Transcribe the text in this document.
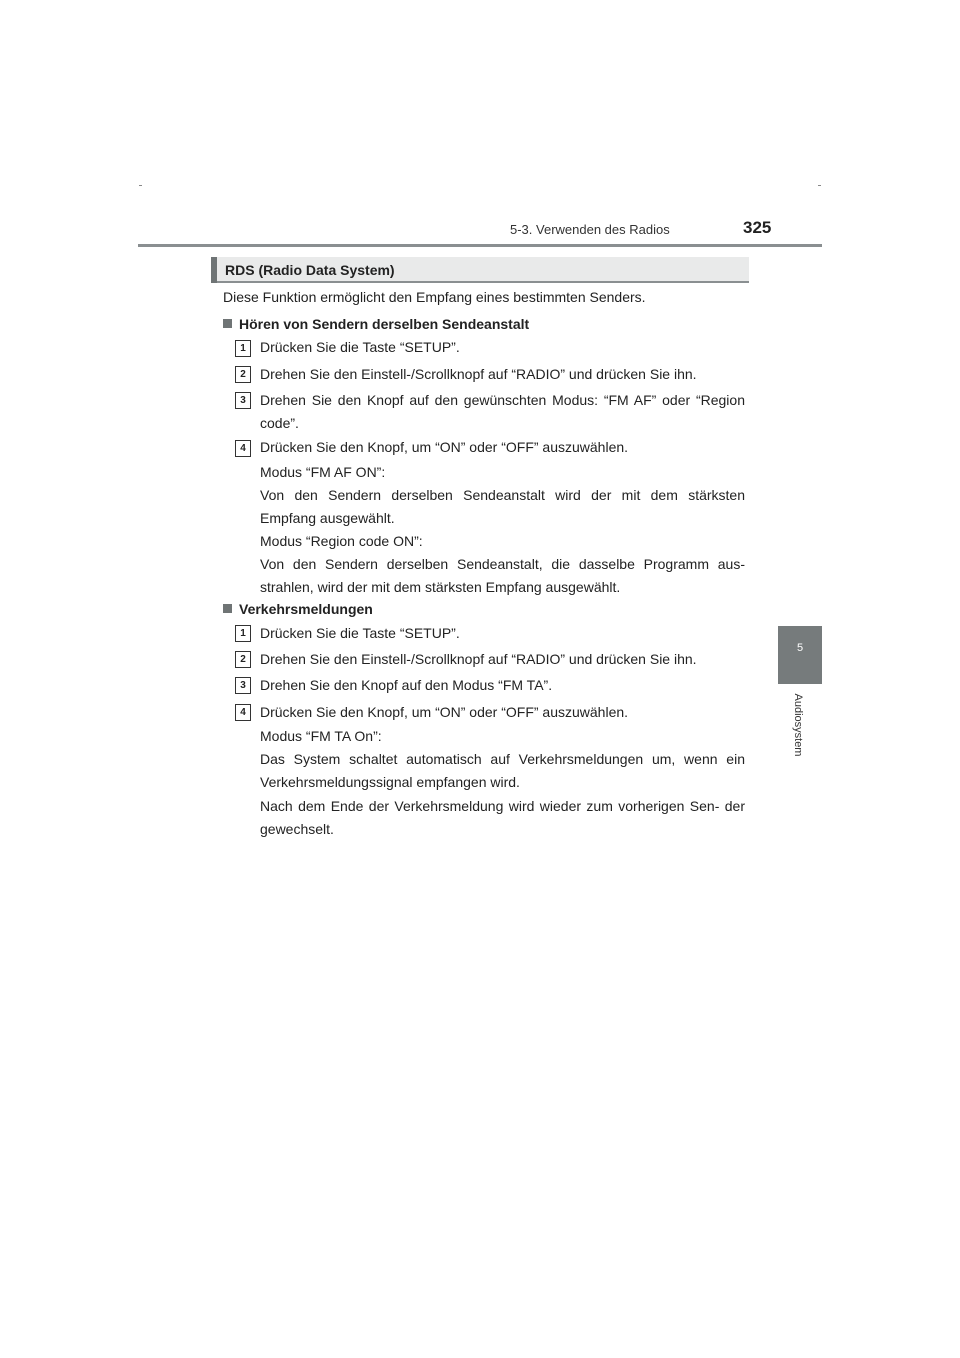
5-3. Verwenden des Radios	325
5
Audiosystem
RDS (Radio Data System)
Diese Funktion ermöglicht den Empfang eines bestimmten Senders.
Hören von Sendern derselben Sendeanstalt
1	Drücken Sie die Taste “SETUP”.
2	Drehen Sie den Einstell-/Scrollknopf auf “RADIO” und drücken Sie ihn.
3	Drehen Sie den Knopf auf den gewünschten Modus: “FM AF” oder “Region code”.
4	Drücken Sie den Knopf, um “ON” oder “OFF” auszuwählen.
Modus “FM AF ON”:
Von den Sendern derselben Sendeanstalt wird der mit dem stärksten Empfang ausgewählt.
Modus “Region code ON”:
Von den Sendern derselben Sendeanstalt, die dasselbe Programm aus- strahlen, wird der mit dem stärksten Empfang ausgewählt.
Verkehrsmeldungen
1	Drücken Sie die Taste “SETUP”.
2	Drehen Sie den Einstell-/Scrollknopf auf “RADIO” und drücken Sie ihn.
3	Drehen Sie den Knopf auf den Modus “FM TA”.
4	Drücken Sie den Knopf, um “ON” oder “OFF” auszuwählen.
Modus “FM TA On”:
Das System schaltet automatisch auf Verkehrsmeldungen um, wenn ein Verkehrsmeldungssignal empfangen wird.
Nach dem Ende der Verkehrsmeldung wird wieder zum vorherigen Sen- der gewechselt.
